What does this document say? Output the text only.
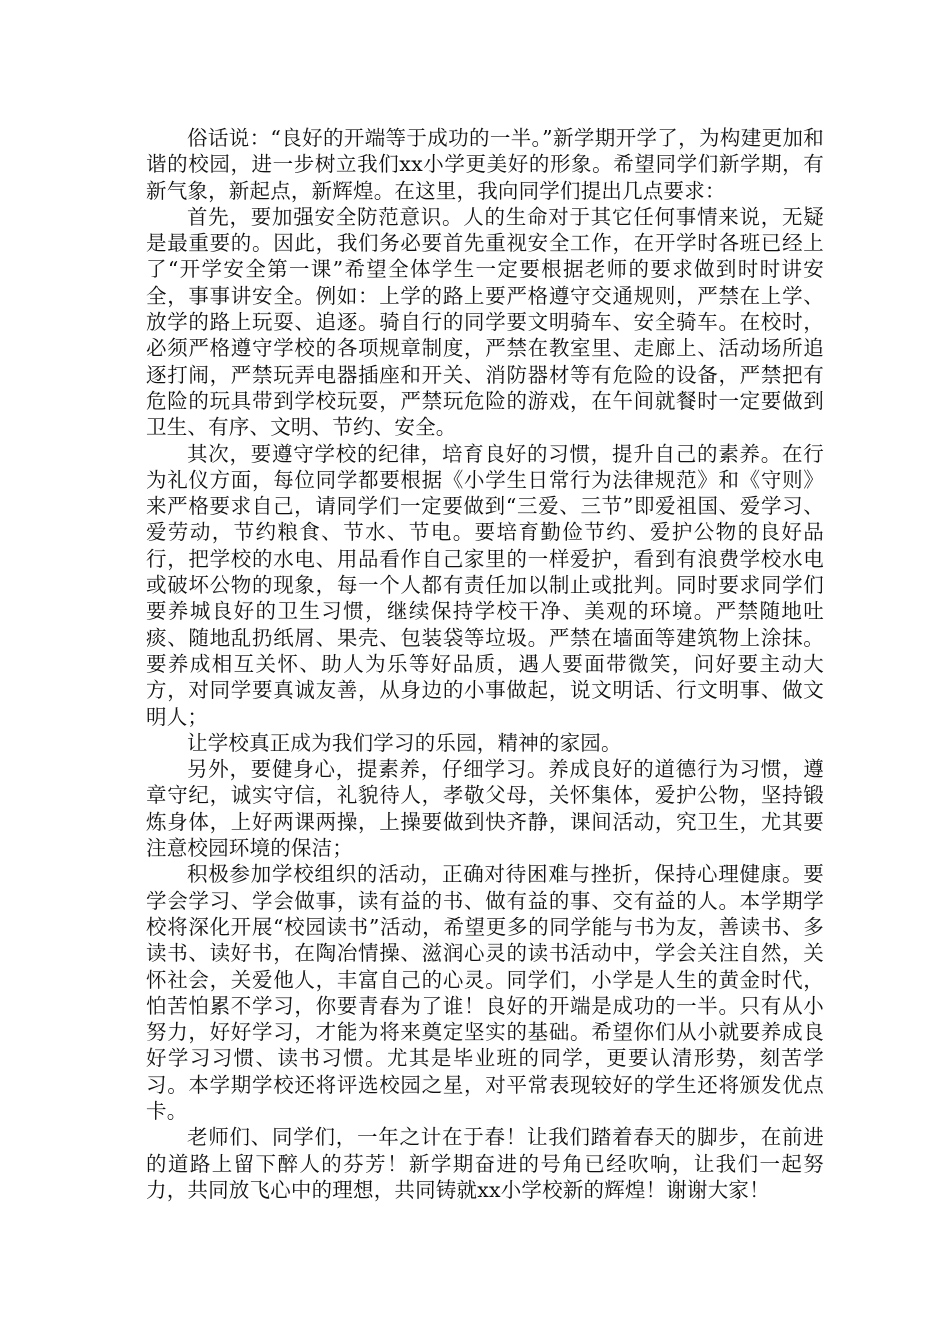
俗话说：“良好的开端等于成功的一半。”新学期开学了，为构建更加和谐的校园，进一步树立我们xx小学更美好的形象。希望同学们新学期，有新气象，新起点，新辉煌。在这里，我向同学们提出几点要求：

首先，要加强安全防范意识。人的生命对于其它任何事情来说，无疑是最重要的。因此，我们务必要首先重视安全工作，在开学时各班已经上了“开学安全第一课”希望全体学生一定要根据老师的要求做到时时讲安全，事事讲安全。例如：上学的路上要严格遵守交通规则，严禁在上学、放学的路上玩耍、追逐。骑自行的同学要文明骑车、安全骑车。在校时，必须严格遵守学校的各项规章制度，严禁在教室里、走廊上、活动场所追逐打闹，严禁玩弄电器插座和开关、消防器材等有危险的设备，严禁把有危险的玩具带到学校玩耍，严禁玩危险的游戏，在午间就餐时一定要做到卫生、有序、文明、节约、安全。

其次，要遵守学校的纪律，培育良好的习惯，提升自己的素养。在行为礼仪方面，每位同学都要根据《小学生日常行为法律规范》和《守则》来严格要求自己，请同学们一定要做到“三爱、三节”即爱祖国、爱学习、爱劳动，节约粮食、节水、节电。要培育勤俭节约、爱护公物的良好品行，把学校的水电、用品看作自己家里的一样爱护，看到有浪费学校水电或破坏公物的现象，每一个人都有责任加以制止或批判。同时要求同学们要养城良好的卫生习惯，继续保持学校干净、美观的环境。严禁随地吐痰、随地乱扔纸屑、果壳、包装袋等垃圾。严禁在墙面等建筑物上涂抹。要养成相互关怀、助人为乐等好品质，遇人要面带微笑，问好要主动大方，对同学要真诚友善，从身边的小事做起，说文明话、行文明事、做文明人；

让学校真正成为我们学习的乐园，精神的家园。

另外，要健身心，提素养，仔细学习。养成良好的道德行为习惯，遵章守纪，诚实守信，礼貌待人，孝敬父母，关怀集体，爱护公物，坚持锻炼身体，上好两课两操，上操要做到快齐静，课间活动，究卫生，尤其要注意校园环境的保洁；

积极参加学校组织的活动，正确对待困难与挫折，保持心理健康。要学会学习、学会做事，读有益的书、做有益的事、交有益的人。本学期学校将深化开展“校园读书”活动，希望更多的同学能与书为友，善读书、多读书、读好书，在陶冶情操、滋润心灵的读书活动中，学会关注自然，关怀社会，关爱他人，丰富自己的心灵。同学们，小学是人生的黄金时代，怕苦怕累不学习，你要青春为了谁！良好的开端是成功的一半。只有从小努力，好好学习，才能为将来奠定坚实的基础。希望你们从小就要养成良好学习习惯、读书习惯。尤其是毕业班的同学，更要认清形势，刻苦学习。本学期学校还将评选校园之星，对平常表现较好的学生还将颁发优点卡。

老师们、同学们，一年之计在于春！让我们踏着春天的脚步，在前进的道路上留下醉人的芬芳！新学期奋进的号角已经吹响，让我们一起努力，共同放飞心中的理想，共同铸就xx小学校新的辉煌！谢谢大家！
